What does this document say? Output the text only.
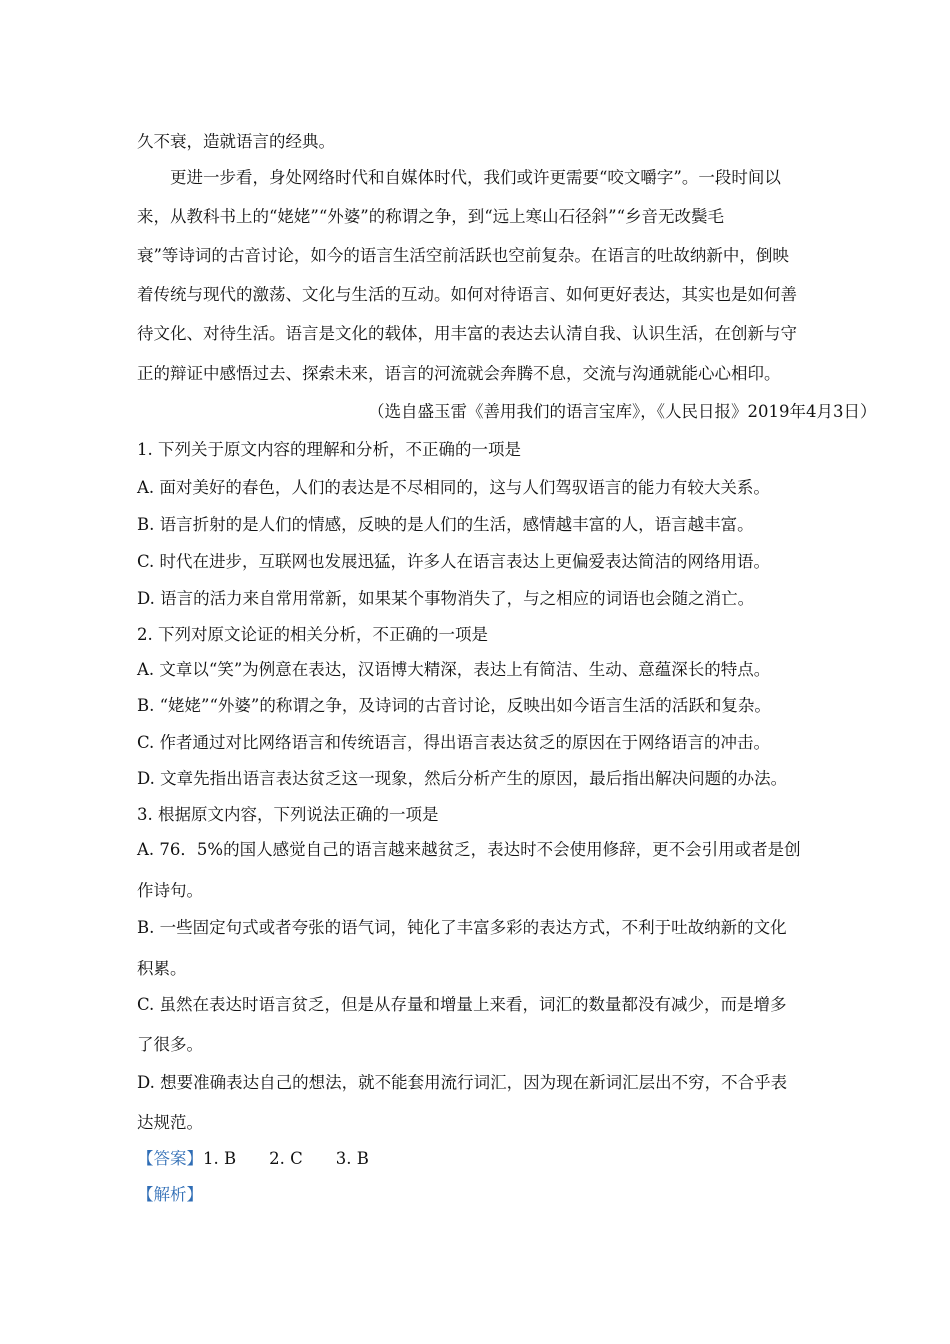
久不衰，造就语言的经典。
更进一步看，身处网络时代和自媒体时代，我们或许更需要“咬文嚼字”。一段时间以
来，从教科书上的“姥姥”“外婆”的称谓之争，到“远上寒山石径斜”“乡音无改鬓毛
衰”等诗词的古音讨论，如今的语言生活空前活跃也空前复杂。在语言的吐故纳新中，倒映
着传统与现代的激荡、文化与生活的互动。如何对待语言、如何更好表达，其实也是如何善
待文化、对待生活。语言是文化的载体，用丰富的表达去认清自我、认识生活，在创新与守
正的辩证中感悟过去、探索未来，语言的河流就会奔腾不息，交流与沟通就能心心相印。
（选自盛玉雷《善用我们的语言宝库》，《人民日报》2019年4月3日）
1. 下列关于原文内容的理解和分析，不正确的一项是
A. 面对美好的春色，人们的表达是不尽相同的，这与人们驾驭语言的能力有较大关系。
B. 语言折射的是人们的情感，反映的是人们的生活，感情越丰富的人，语言越丰富。
C. 时代在进步，互联网也发展迅猛，许多人在语言表达上更偏爱表达简洁的网络用语。
D. 语言的活力来自常用常新，如果某个事物消失了，与之相应的词语也会随之消亡。
2. 下列对原文论证的相关分析，不正确的一项是
A. 文章以“笑”为例意在表达，汉语博大精深，表达上有简洁、生动、意蕴深长的特点。
B. “姥姥”“外婆”的称谓之争，及诗词的古音讨论，反映出如今语言生活的活跃和复杂。
C. 作者通过对比网络语言和传统语言，得出语言表达贫乏的原因在于网络语言的冲击。
D. 文章先指出语言表达贫乏这一现象，然后分析产生的原因，最后指出解决问题的办法。
3. 根据原文内容，下列说法正确的一项是
A. 76．5%的国人感觉自己的语言越来越贫乏，表达时不会使用修辞，更不会引用或者是创
作诗句。
B. 一些固定句式或者夸张的语气词，钝化了丰富多彩的表达方式，不利于吐故纳新的文化
积累。
C. 虽然在表达时语言贫乏，但是从存量和增量上来看，词汇的数量都没有减少，而是增多
了很多。
D. 想要准确表达自己的想法，就不能套用流行词汇，因为现在新词汇层出不穷，不合乎表
达规范。
【答案】1. B　　2. C　　3. B
【解析】
